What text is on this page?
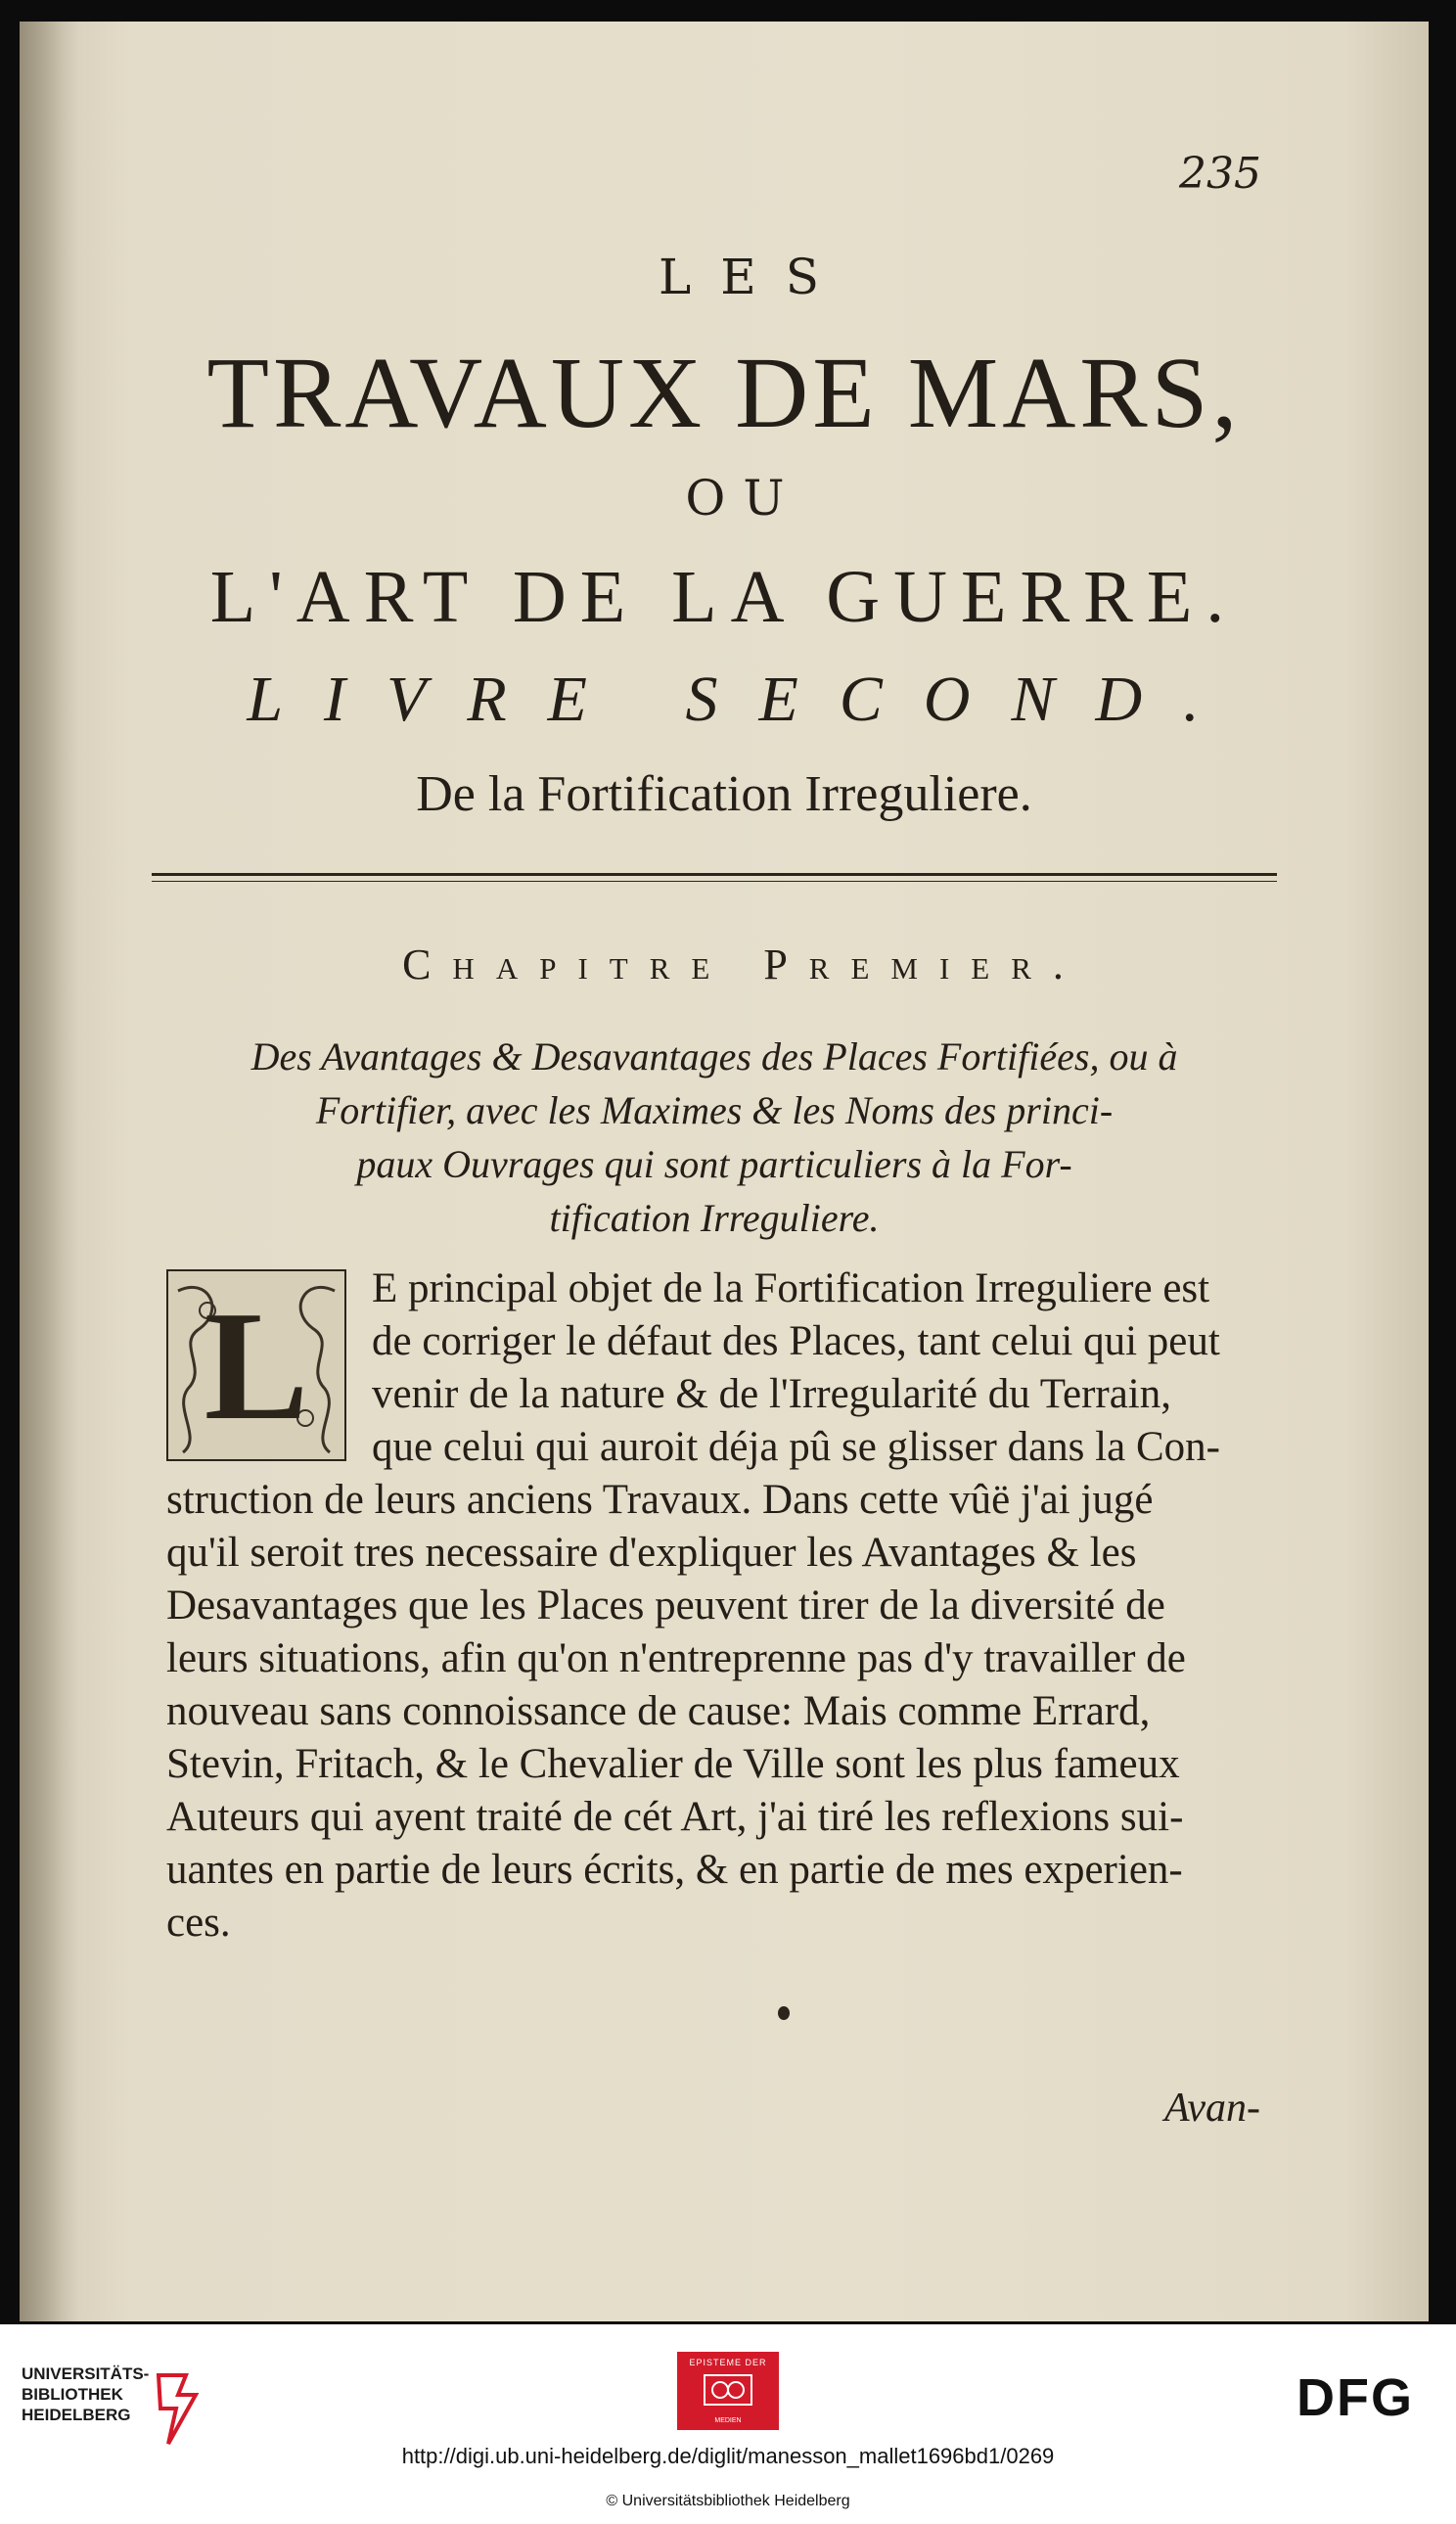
235
LES
TRAVAUX DE MARS,
OU
L'ART DE LA GUERRE.
LIVRE SECOND.
De la Fortification Irreguliere.
Chapitre Premier.
Des Avantages & Desavantages des Places Fortifiées, ou à
Fortifier, avec les Maximes & les Noms des princi-
paux Ouvrages qui sont particuliers à la For-
tification Irreguliere.
L	E principal objet de la Fortification Irreguliere est
de corriger le défaut des Places, tant celui qui peut
venir de la nature & de l'Irregularité du Terrain,
que celui qui auroit déja pû se glisser dans la Con-
struction de leurs anciens Travaux. Dans cette vûë j'ai jugé
qu'il seroit tres necessaire d'expliquer les Avantages & les
Desavantages que les Places peuvent tirer de la diversité de
leurs situations, afin qu'on n'entreprenne pas d'y travailler de
nouveau sans connoissance de cause: Mais comme Errard,
Stevin, Fritach, & le Chevalier de Ville sont les plus fameux
Auteurs qui ayent traité de cét Art, j'ai tiré les reflexions sui-
uantes en partie de leurs écrits, & en partie de mes experien-
ces.
Avan-
UNIVERSITÄTS-
BIBLIOTHEK
HEIDELBERG
EPISTEME DER
MEDIEN	DFG
http://digi.ub.uni-heidelberg.de/diglit/manesson_mallet1696bd1/0269
© Universitätsbibliothek Heidelberg
